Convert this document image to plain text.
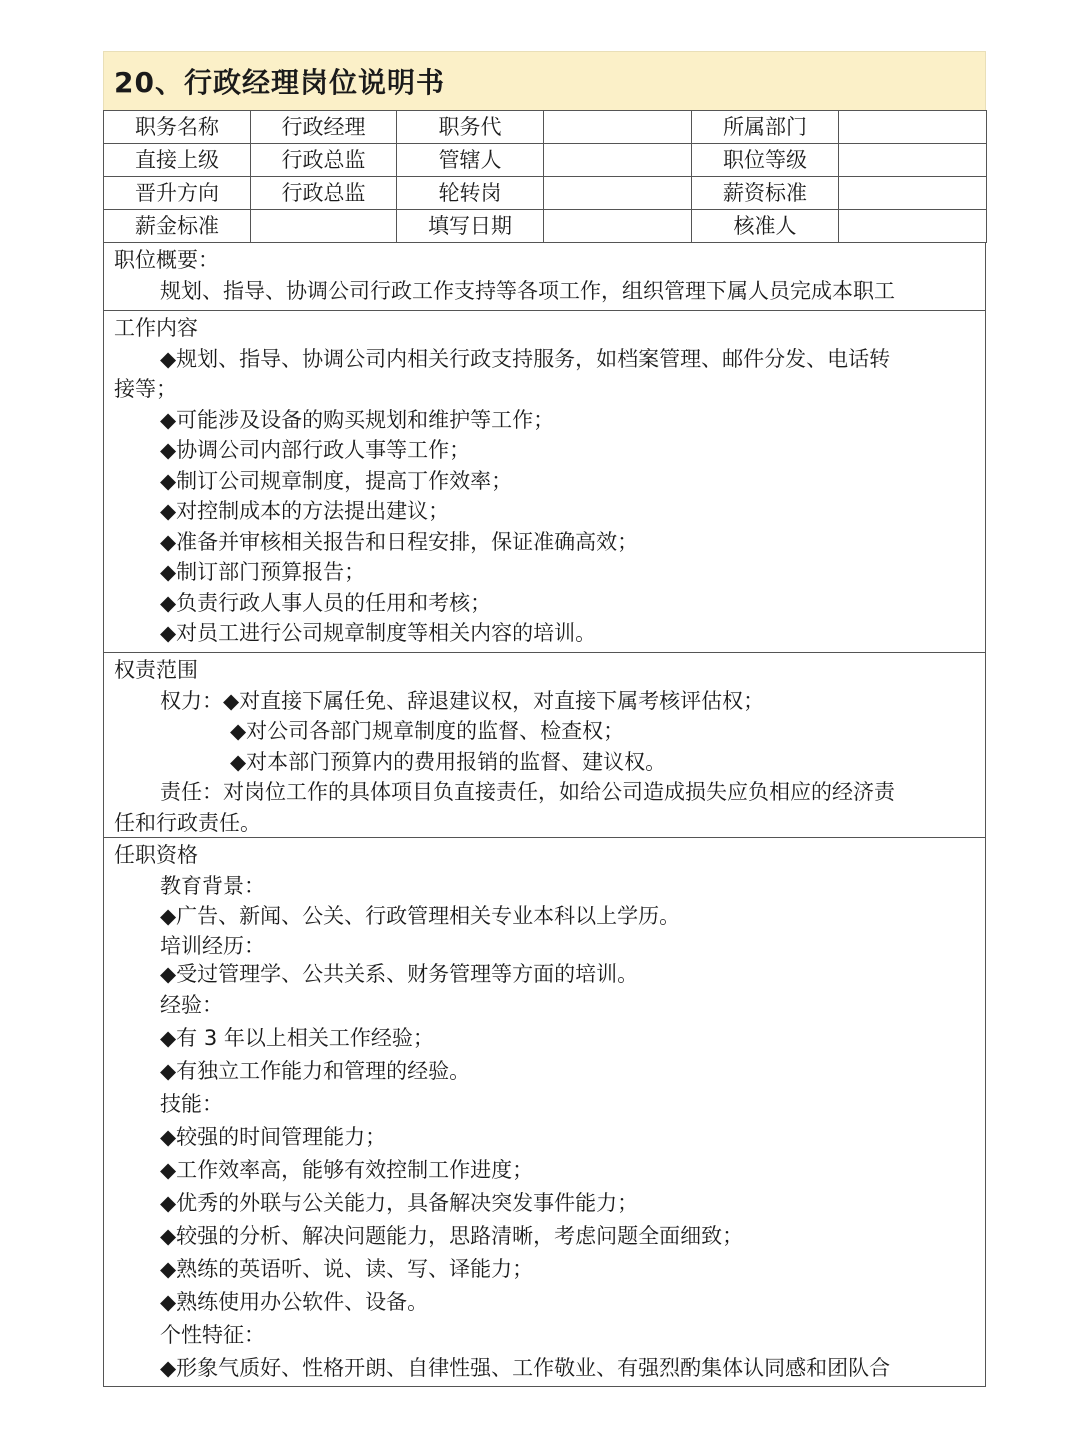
20、行政经理岗位说明书
职务名称	行政经理	职务代		所属部门	
直接上级	行政总监	管辖人		职位等级	
晋升方向	行政总监	轮转岗		薪资标准	
薪金标准		填写日期		核准人	
职位概要：
规划、指导、协调公司行政工作支持等各项工作，组织管理下属人员完成本职工
工作内容
◆规划、指导、协调公司内相关行政支持服务，如档案管理、邮件分发、电话转
接等；
◆可能涉及设备的购买规划和维护等工作；
◆协调公司内部行政人事等工作；
◆制订公司规章制度，提高丁作效率；
◆对控制成本的方法提出建议；
◆准备并审核相关报告和日程安排，保证准确高效；
◆制订部门预算报告；
◆负责行政人事人员的任用和考核；
◆对员工进行公司规章制度等相关内容的培训。
权责范围
权力：◆对直接下属任免、辞退建议权，对直接下属考核评估权；
◆对公司各部门规章制度的监督、检查权；
◆对本部门预算内的费用报销的监督、建议权。
责任：对岗位工作的具体项目负直接责任，如给公司造成损失应负相应的经济责
任和行政责任。
任职资格
教育背景：
◆广告、新闻、公关、行政管理相关专业本科以上学历。
培训经历：
◆受过管理学、公共关系、财务管理等方面的培训。
经验：
◆有 3 年以上相关工作经验；
◆有独立工作能力和管理的经验。
技能：
◆较强的时间管理能力；
◆工作效率高，能够有效控制工作进度；
◆优秀的外联与公关能力，具备解决突发事件能力；
◆较强的分析、解决问题能力，思路清晰，考虑问题全面细致；
◆熟练的英语听、说、读、写、译能力；
◆熟练使用办公软件、设备。
个性特征：
◆形象气质好、性格开朗、自律性强、工作敬业、有强烈酌集体认同感和团队合
